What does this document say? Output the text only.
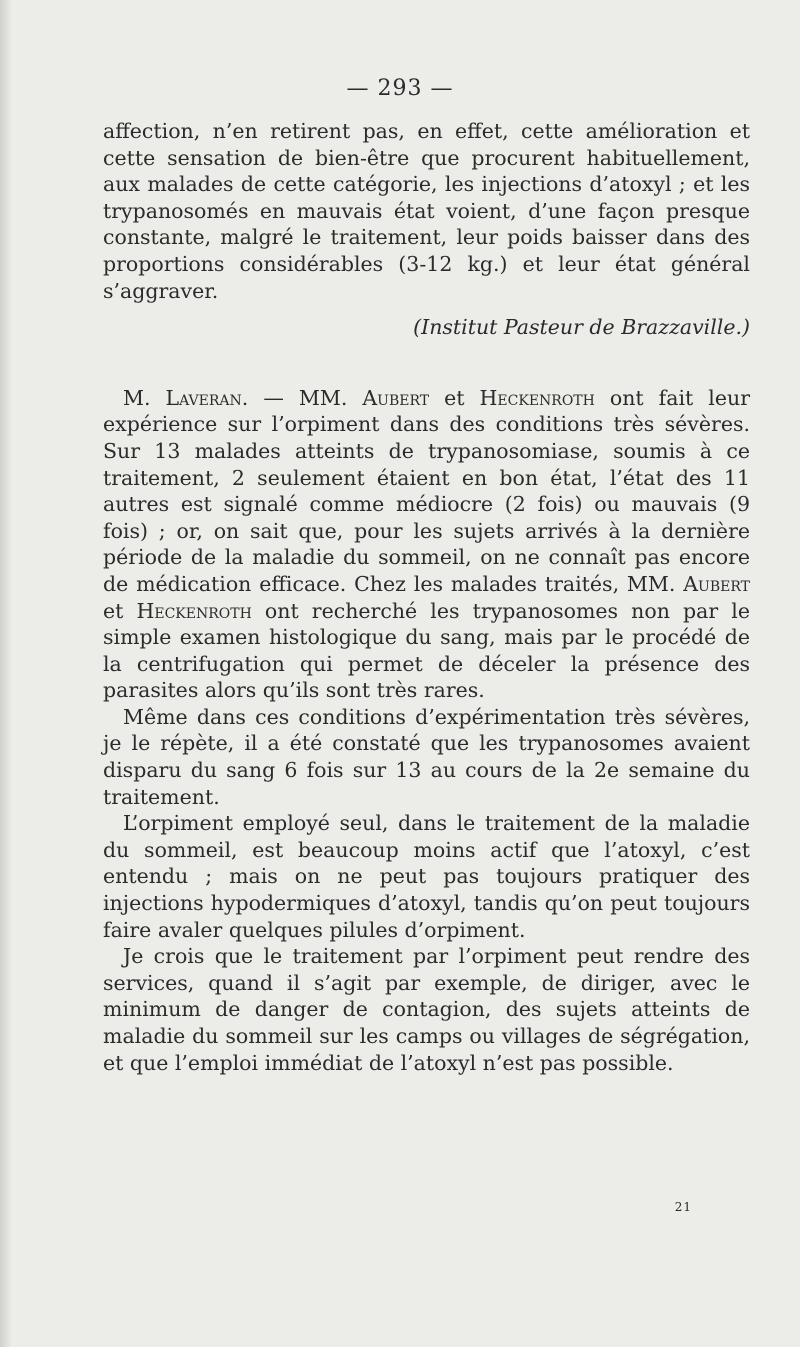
— 293 —

affection, n’en retirent pas, en effet, cette amélioration et cette sensation de bien-être que procurent habituellement, aux malades de cette catégorie, les injections d’atoxyl ; et les trypanosomés en mauvais état voient, d’une façon presque constante, malgré le traitement, leur poids baisser dans des proportions considérables (3-12 kg.) et leur état général s’aggraver.

(Institut Pasteur de Brazzaville.)

M. Laveran. — MM. Aubert et Heckenroth ont fait leur expérience sur l’orpiment dans des conditions très sévères. Sur 13 malades atteints de trypanosomiase, soumis à ce traitement, 2 seulement étaient en bon état, l’état des 11 autres est signalé comme médiocre (2 fois) ou mauvais (9 fois) ; or, on sait que, pour les sujets arrivés à la dernière période de la maladie du sommeil, on ne connaît pas encore de médication efficace. Chez les malades traités, MM. Aubert et Heckenroth ont recherché les trypanosomes non par le simple examen histologique du sang, mais par le procédé de la centrifugation qui permet de déceler la présence des parasites alors qu’ils sont très rares.

Même dans ces conditions d’expérimentation très sévères, je le répète, il a été constaté que les trypanosomes avaient disparu du sang 6 fois sur 13 au cours de la 2e semaine du traitement.

L’orpiment employé seul, dans le traitement de la maladie du sommeil, est beaucoup moins actif que l’atoxyl, c’est entendu ; mais on ne peut pas toujours pratiquer des injections hypodermiques d’atoxyl, tandis qu’on peut toujours faire avaler quelques pilules d’orpiment.

Je crois que le traitement par l’orpiment peut rendre des services, quand il s’agit par exemple, de diriger, avec le minimum de danger de contagion, des sujets atteints de maladie du sommeil sur les camps ou villages de ségrégation, et que l’emploi immédiat de l’atoxyl n’est pas possible.

21
